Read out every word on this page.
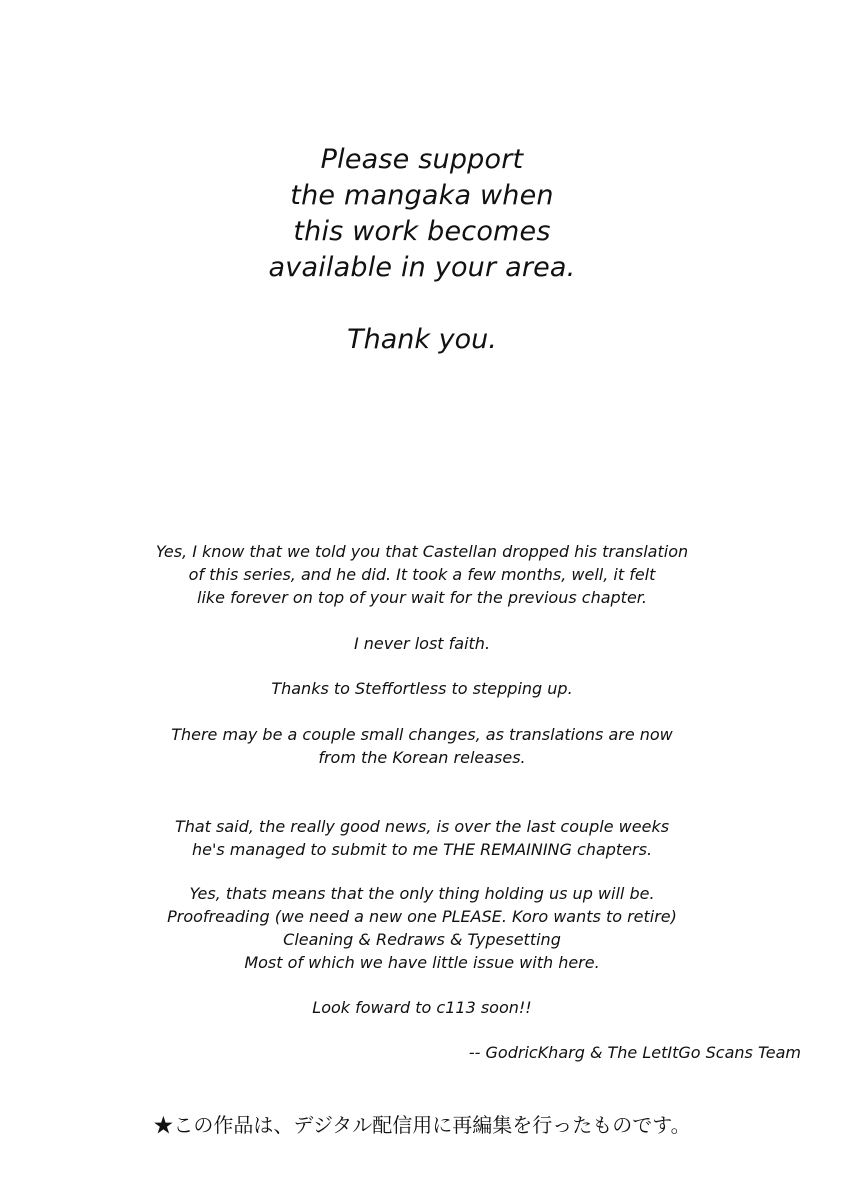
Please support
the mangaka when
this work becomes
available in your area.
Thank you.
Yes, I know that we told you that Castellan dropped his translation
of this series, and he did. It took a few months, well, it felt
like forever on top of your wait for the previous chapter.
I never lost faith.
Thanks to Steffortless to stepping up.
There may be a couple small changes, as translations are now
from the Korean releases.
That said, the really good news, is over the last couple weeks
he's managed to submit to me THE REMAINING chapters.
Yes, thats means that the only thing holding us up will be.
Proofreading (we need a new one PLEASE. Koro wants to retire)
Cleaning & Redraws & Typesetting
Most of which we have little issue with here.
Look foward to c113 soon!!
-- GodricKharg & The LetItGo Scans Team
★この作品は、デジタル配信用に再編集を行ったものです。
